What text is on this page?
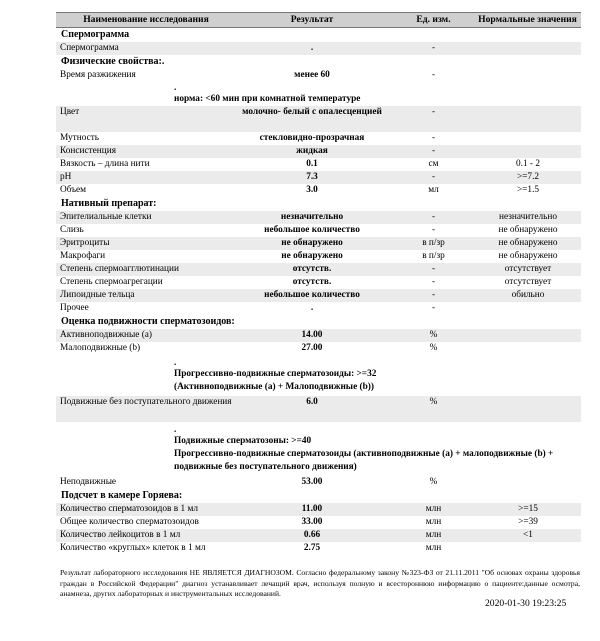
Наименование исследования	Результат	Ед. изм.	Нормальные значения
Спермограмма
Спермограмма	.	-
Физические свойства:.
Время разжижения	менее 60	-
.
норма: <60 мин при комнатной температуре
Цвет	молочно- белый с опалесценцией	-
Мутность	стекловидно-прозрачная	-
Консистенция	жидкая	-
Вязкость – длина нити	0.1	см	0.1 - 2
pH	7.3	-	>=7.2
Объем	3.0	мл	>=1.5
Нативный препарат:
Эпителиальные клетки	незначительно	-	незначительно
Слизь	небольшое количество	-	не обнаружено
Эритроциты	не обнаружено	в п/зр	не обнаружено
Макрофаги	не обнаружено	в п/зр	не обнаружено
Степень спермоагглютинации	отсутств.	-	отсутствует
Степень спермоагрегации	отсутств.	-	отсутствует
Липоидные тельца	небольшое количество	-	обильно
Прочее	.	-
Оценка подвижности сперматозоидов:
Активноподвижные (а)	14.00	%
Малоподвижные (b)	27.00	%
.
Прогрессивно-подвижные сперматозоиды: >=32
(Активноподвижные (а) + Малоподвижные (b))
Подвижные без поступательного движения	6.0	%
.
Подвижные сперматозоны: >=40
Прогрессивно-подвижные сперматозоиды (активноподвижные (а) + малоподвижные (b) + подвижные без поступательного движения)
Неподвижные	53.00	%
Подсчет в камере Горяева:
Количество сперматозоидов в 1 мл	11.00	млн	>=15
Общее количество сперматозоидов	33.00	млн	>=39
Количество лейкоцитов в 1 мл	0.66	млн	<1
Количество «круглых» клеток в 1 мл	2.75	млн
Результат лабораторного исследования НЕ ЯВЛЯЕТСЯ ДИАГНОЗОМ. Согласно федеральному закону №323-ФЗ от 21.11.2011 "Об основах охраны здоровья граждан в Российской Федерации" диагноз устанавливает лечащий врач, используя полную и всестороннюю информацию о пациенте:данные осмотра, анамнеза, других лабораторных и инструментальных исследований.
2020-01-30 19:23:25
